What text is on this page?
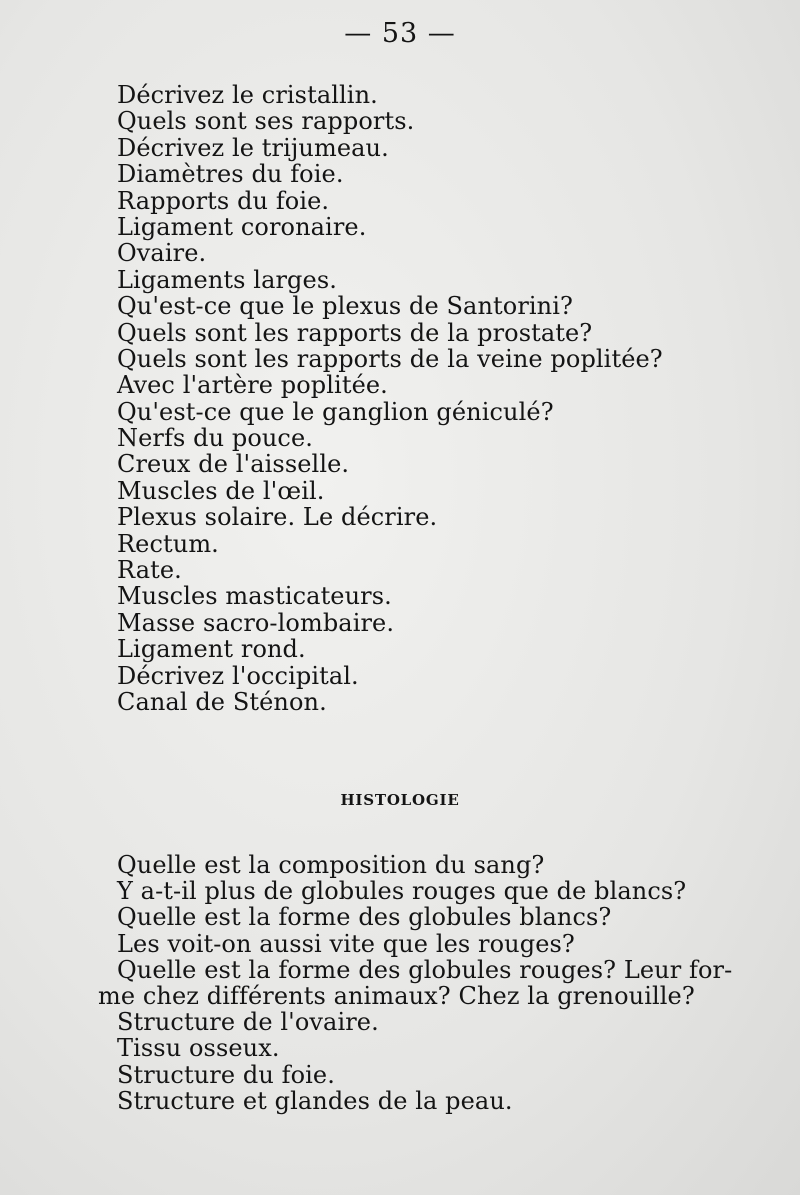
— 53 —
Décrivez le cristallin.
Quels sont ses rapports.
Décrivez le trijumeau.
Diamètres du foie.
Rapports du foie.
Ligament coronaire.
Ovaire.
Ligaments larges.
Qu'est-ce que le plexus de Santorini?
Quels sont les rapports de la prostate?
Quels sont les rapports de la veine poplitée?
Avec l'artère poplitée.
Qu'est-ce que le ganglion géniculé?
Nerfs du pouce.
Creux de l'aisselle.
Muscles de l'œil.
Plexus solaire. Le décrire.
Rectum.
Rate.
Muscles masticateurs.
Masse sacro-lombaire.
Ligament rond.
Décrivez l'occipital.
Canal de Sténon.
HISTOLOGIE
Quelle est la composition du sang?
Y a-t-il plus de globules rouges que de blancs?
Quelle est la forme des globules blancs?
Les voit-on aussi vite que les rouges?
Quelle est la forme des globules rouges? Leur for-
me chez différents animaux? Chez la grenouille?
Structure de l'ovaire.
Tissu osseux.
Structure du foie.
Structure et glandes de la peau.
